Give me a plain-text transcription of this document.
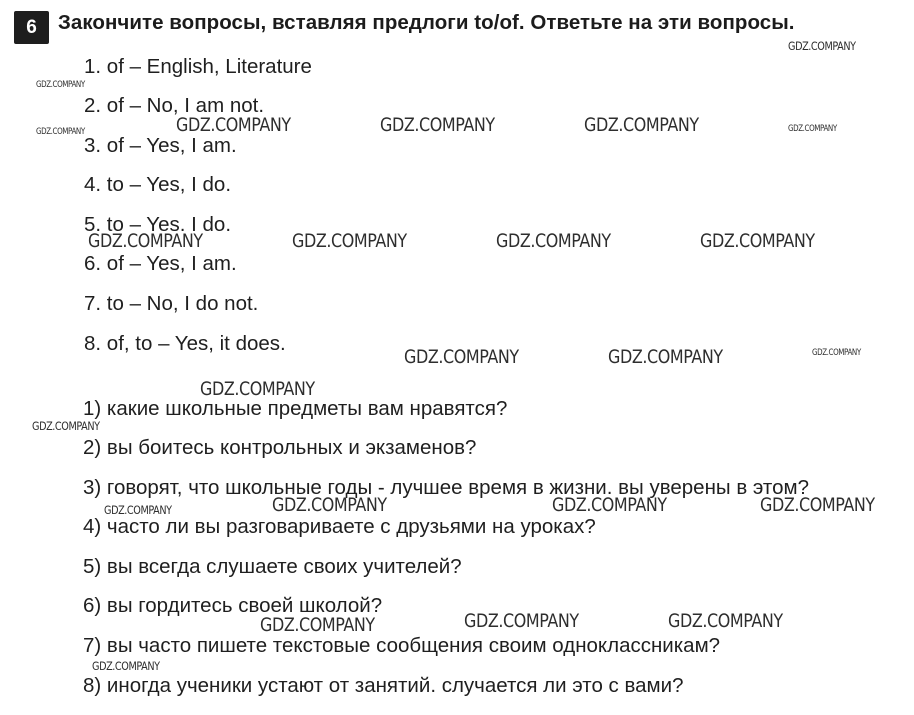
6	Закончите вопросы, вставляя предлоги to/of. Ответьте на эти вопросы.
1. of – English, Literature
2. of – No, I am not.
3. of – Yes, I am.
4. to – Yes, I do.
5. to – Yes. I do.
6. of – Yes, I am.
7. to – No, I do not.
8. of, to – Yes, it does.
1) какие школьные предметы вам нравятся?
2) вы боитесь контрольных и экзаменов?
3) говорят, что школьные годы - лучшее время в жизни. вы уверены в этом?
4) часто ли вы разговариваете с друзьями на уроках?
5) вы всегда слушаете своих учителей?
6) вы гордитесь своей школой?
7) вы часто пишете текстовые сообщения своим одноклассникам?
8) иногда ученики устают от занятий. случается ли это с вами?
GDZ.COMPANY
GDZ.COMPANY
GDZ.COMPANY	GDZ.COMPANY	GDZ.COMPANY	GDZ.COMPANY	GDZ.COMPANY
GDZ.COMPANY	GDZ.COMPANY	GDZ.COMPANY	GDZ.COMPANY
GDZ.COMPANY	GDZ.COMPANY	GDZ.COMPANY
GDZ.COMPANY
GDZ.COMPANY
GDZ.COMPANY	GDZ.COMPANY	GDZ.COMPANY
GDZ.COMPANY
GDZ.COMPANY	GDZ.COMPANY
GDZ.COMPANY
GDZ.COMPANY
